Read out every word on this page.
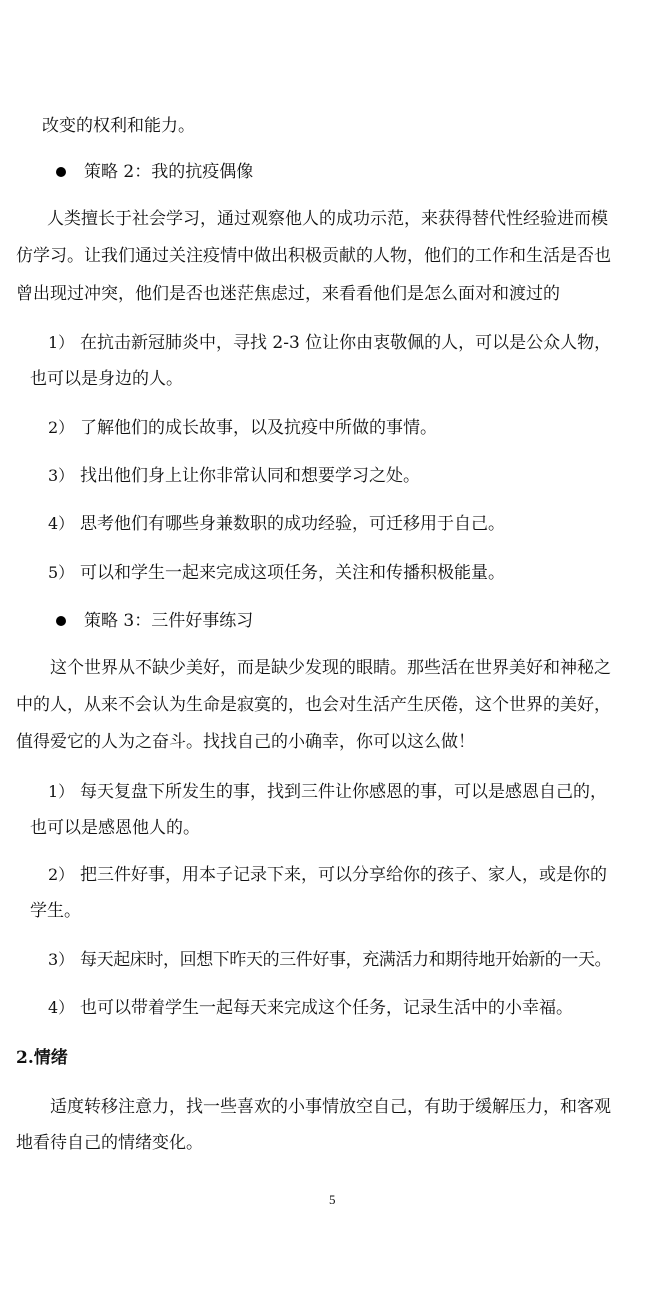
改变的权利和能力。
策略 2：我的抗疫偶像
人类擅长于社会学习，通过观察他人的成功示范，来获得替代性经验进而模
仿学习。让我们通过关注疫情中做出积极贡献的人物，他们的工作和生活是否也
曾出现过冲突，他们是否也迷茫焦虑过，来看看他们是怎么面对和渡过的
1） 在抗击新冠肺炎中，寻找 2-3 位让你由衷敬佩的人，可以是公众人物，
也可以是身边的人。
2） 了解他们的成长故事，以及抗疫中所做的事情。
3） 找出他们身上让你非常认同和想要学习之处。
4） 思考他们有哪些身兼数职的成功经验，可迁移用于自己。
5） 可以和学生一起来完成这项任务，关注和传播积极能量。
策略 3：三件好事练习
这个世界从不缺少美好，而是缺少发现的眼睛。那些活在世界美好和神秘之
中的人，从来不会认为生命是寂寞的，也会对生活产生厌倦，这个世界的美好，
值得爱它的人为之奋斗。找找自己的小确幸，你可以这么做！
1） 每天复盘下所发生的事，找到三件让你感恩的事，可以是感恩自己的，
也可以是感恩他人的。
2） 把三件好事，用本子记录下来，可以分享给你的孩子、家人，或是你的
学生。
3） 每天起床时，回想下昨天的三件好事，充满活力和期待地开始新的一天。
4） 也可以带着学生一起每天来完成这个任务，记录生活中的小幸福。
2.情绪
适度转移注意力，找一些喜欢的小事情放空自己，有助于缓解压力，和客观
地看待自己的情绪变化。
5
